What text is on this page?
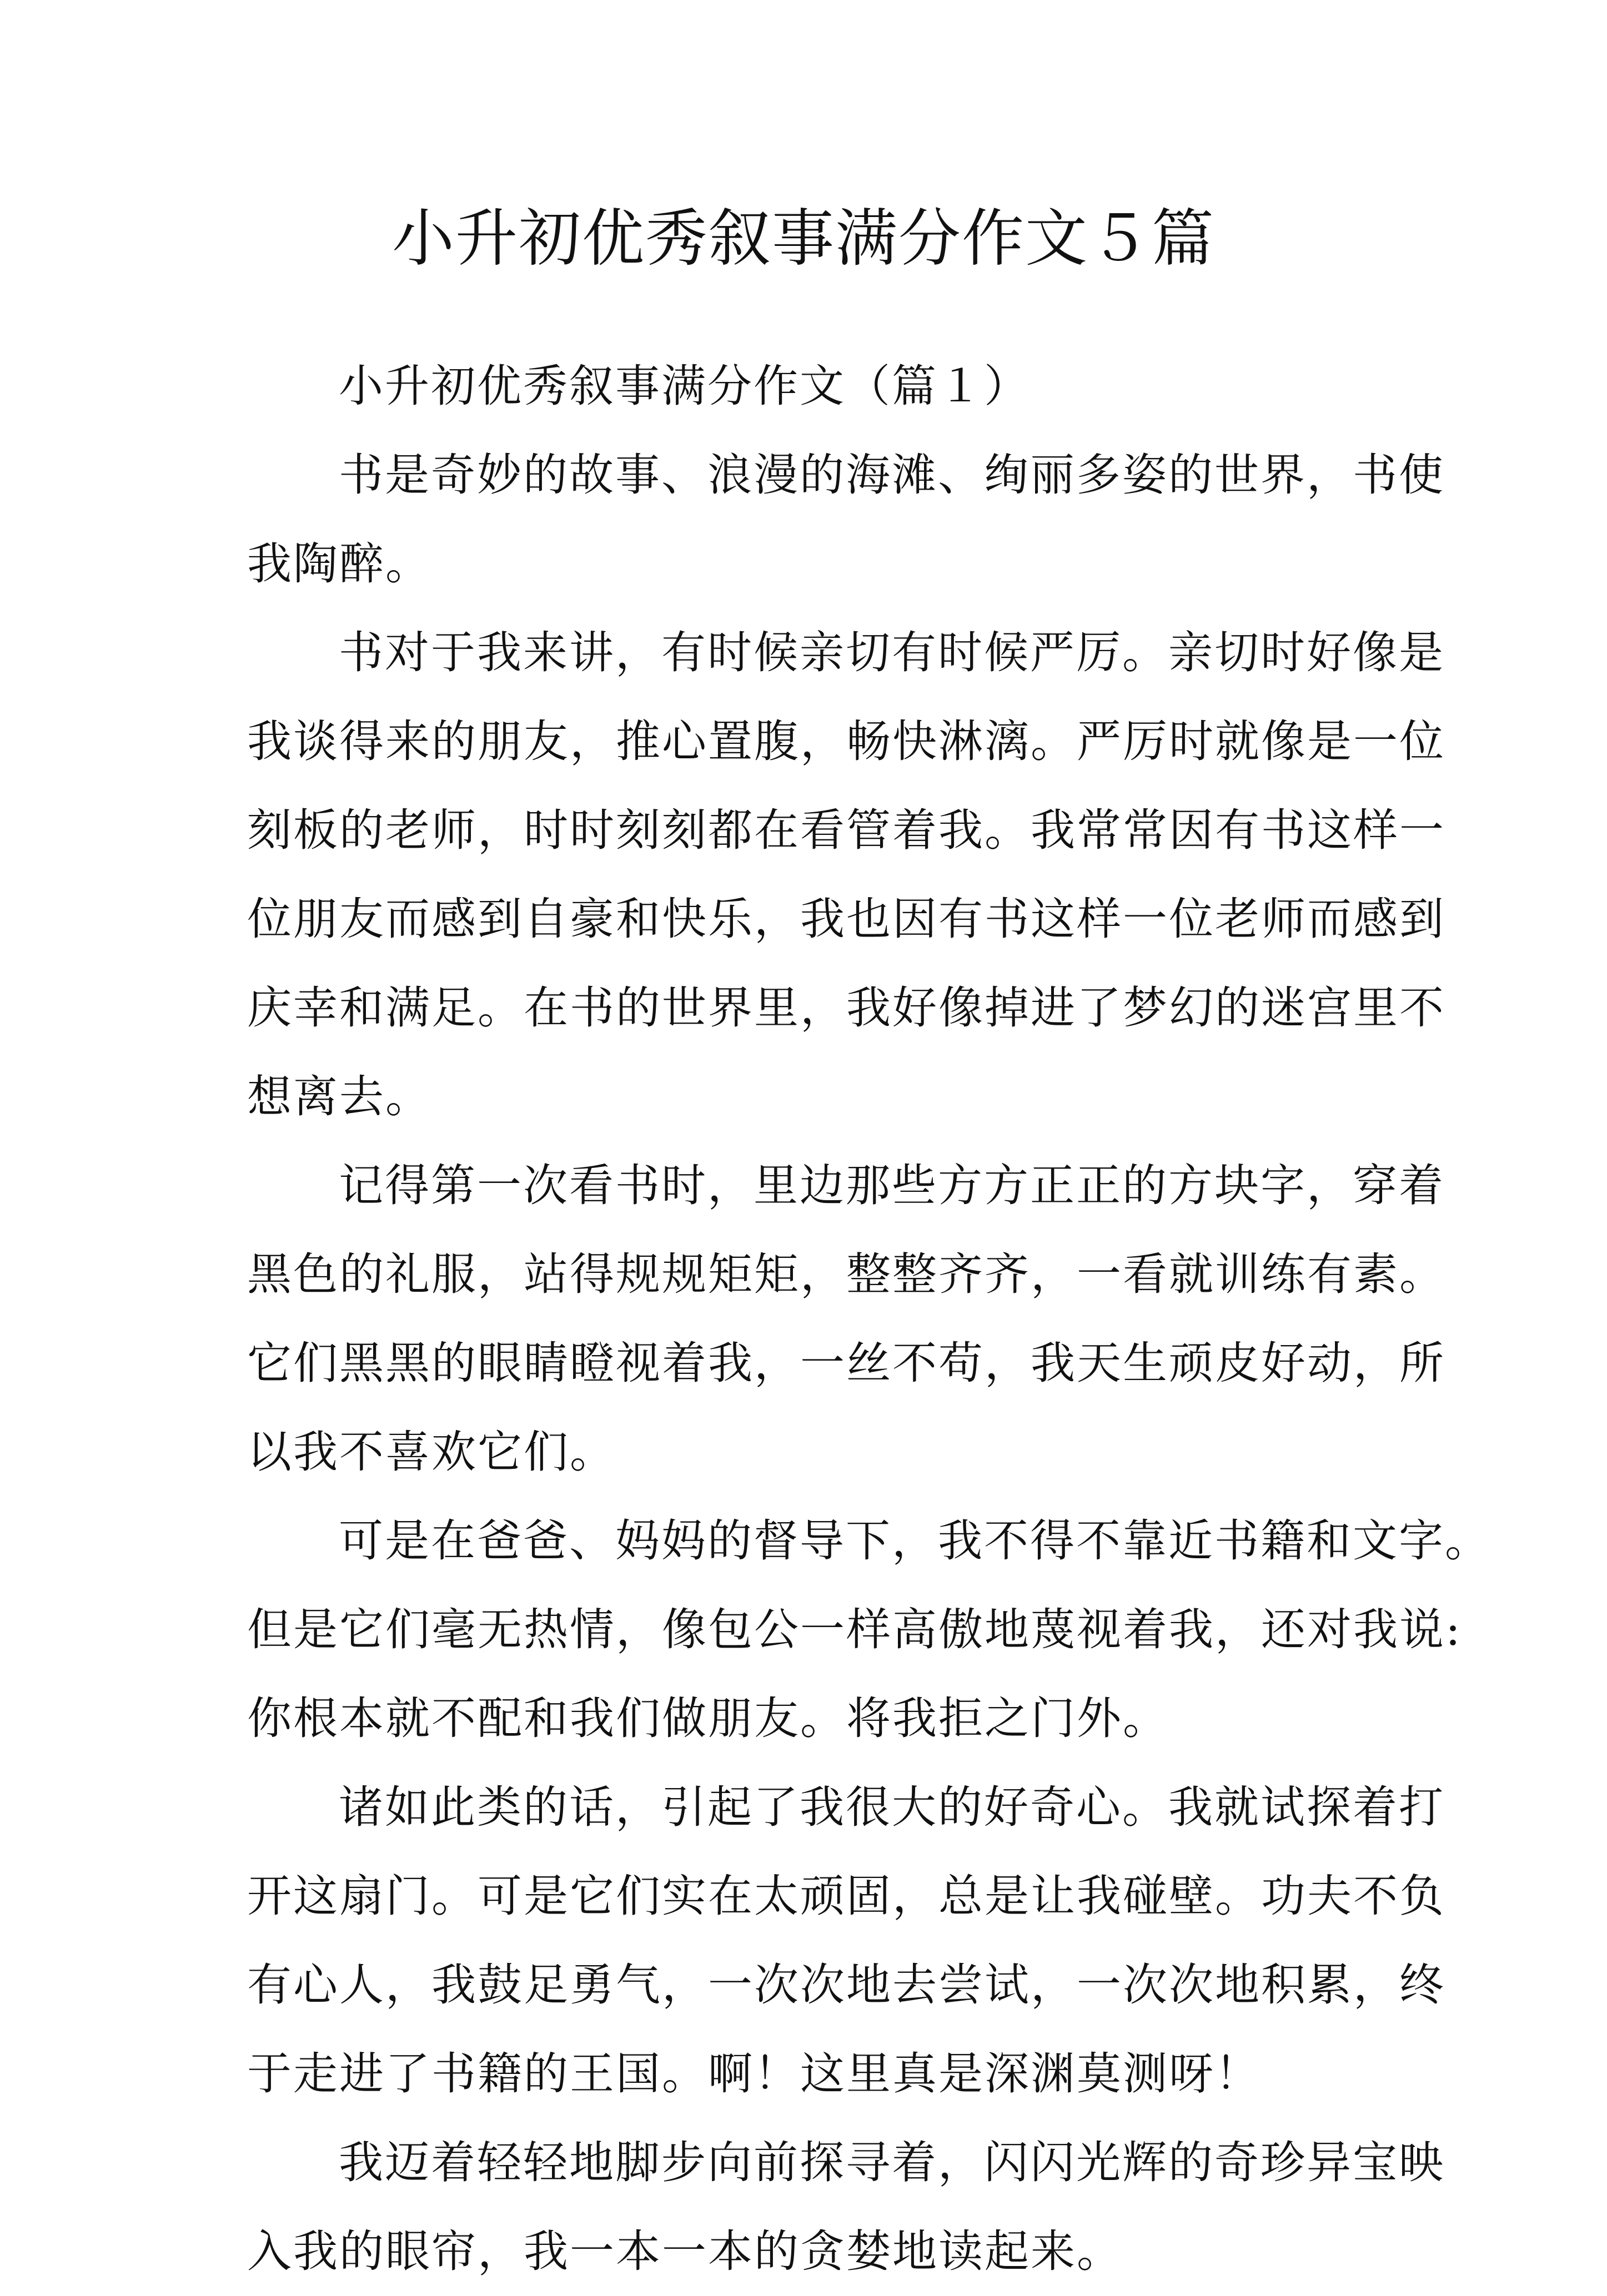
小升初优秀叙事满分作文５篇
小升初优秀叙事满分作文（篇１）
书是奇妙的故事、浪漫的海滩、绚丽多姿的世界，书使
我陶醉。
书对于我来讲，有时候亲切有时候严厉。亲切时好像是
我谈得来的朋友，推心置腹，畅快淋漓。严厉时就像是一位
刻板的老师，时时刻刻都在看管着我。我常常因有书这样一
位朋友而感到自豪和快乐，我也因有书这样一位老师而感到
庆幸和满足。在书的世界里，我好像掉进了梦幻的迷宫里不
想离去。
记得第一次看书时，里边那些方方正正的方块字，穿着
黑色的礼服，站得规规矩矩，整整齐齐，一看就训练有素。
它们黑黑的眼睛瞪视着我，一丝不苟，我天生顽皮好动，所
以我不喜欢它们。
可是在爸爸、妈妈的督导下，我不得不靠近书籍和文字。
但是它们毫无热情，像包公一样高傲地蔑视着我，还对我说:
你根本就不配和我们做朋友。将我拒之门外。
诸如此类的话，引起了我很大的好奇心。我就试探着打
开这扇门。可是它们实在太顽固，总是让我碰壁。功夫不负
有心人，我鼓足勇气，一次次地去尝试，一次次地积累，终
于走进了书籍的王国。啊！这里真是深渊莫测呀！
我迈着轻轻地脚步向前探寻着，闪闪光辉的奇珍异宝映
入我的眼帘，我一本一本的贪婪地读起来。
